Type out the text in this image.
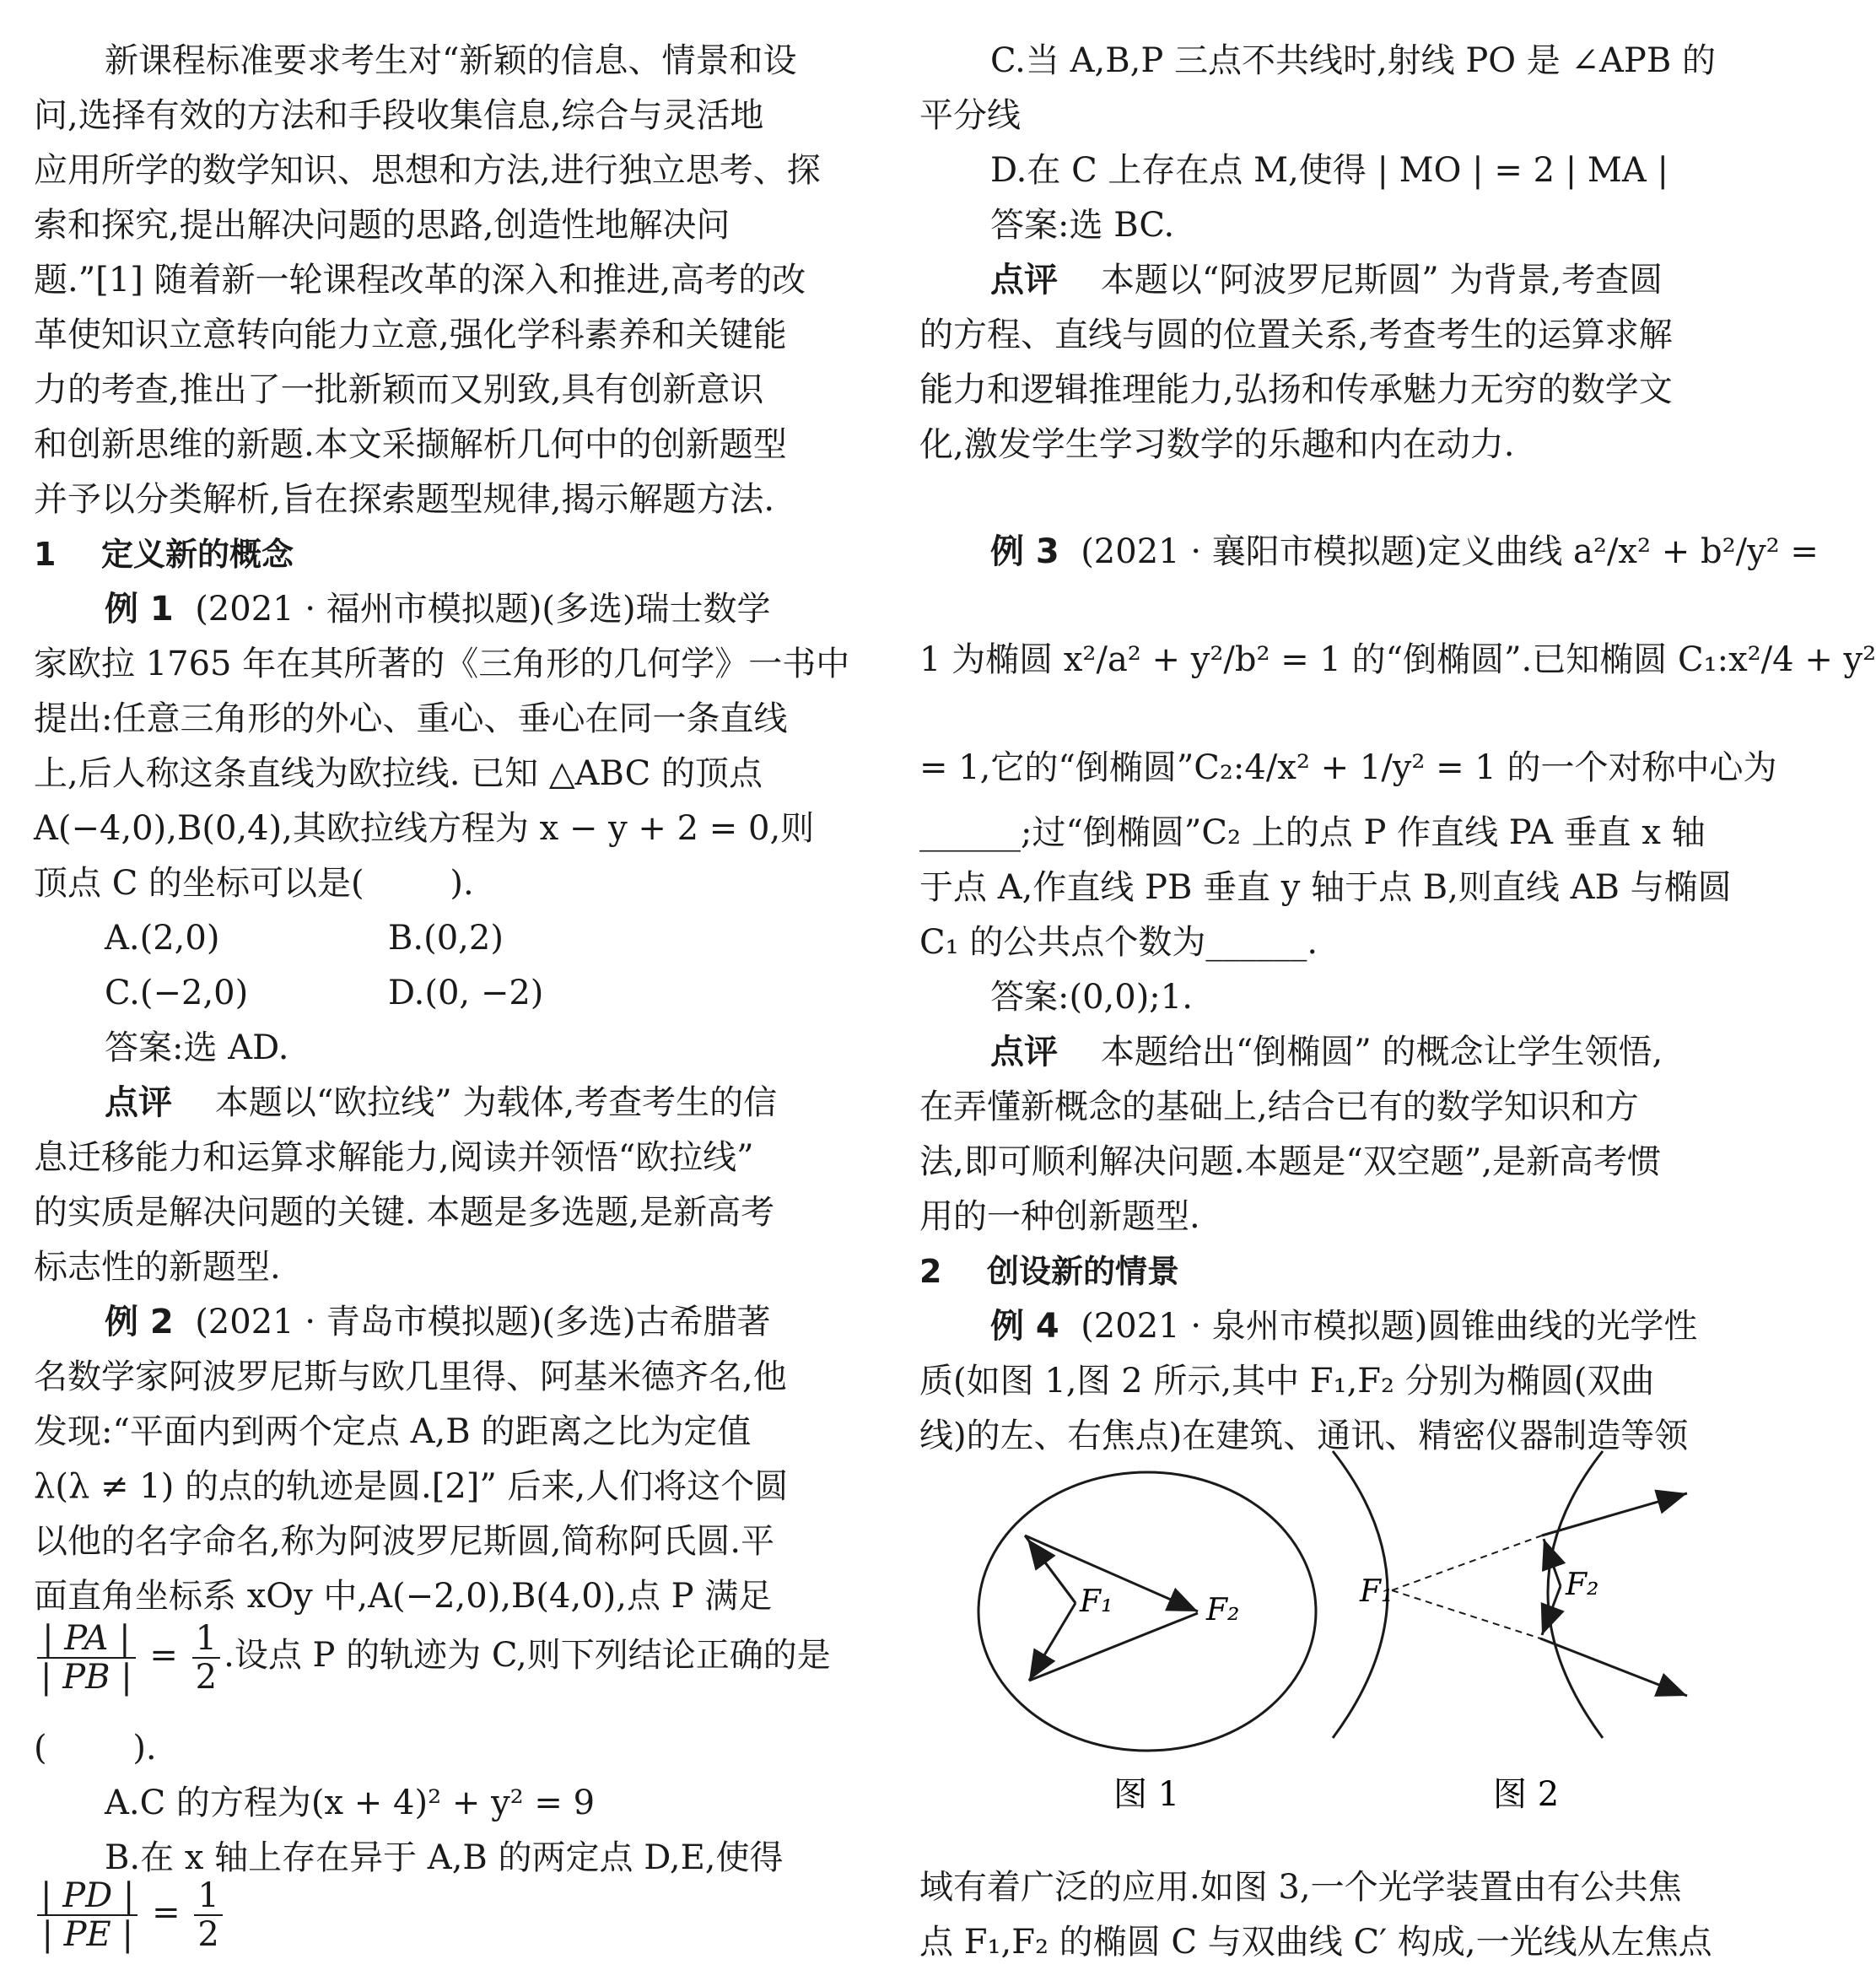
新课程标准要求考生对“新颖的信息、情景和设
问,选择有效的方法和手段收集信息,综合与灵活地
应用所学的数学知识、思想和方法,进行独立思考、探
索和探究,提出解决问题的思路,创造性地解决问
题.”[1] 随着新一轮课程改革的深入和推进,高考的改
革使知识立意转向能力立意,强化学科素养和关键能
力的考查,推出了一批新颖而又别致,具有创新意识
和创新思维的新题.本文采撷解析几何中的创新题型
并予以分类解析,旨在探索题型规律,揭示解题方法.
1 定义新的概念
例 1  (2021 · 福州市模拟题)(多选)瑞士数学
家欧拉 1765 年在其所著的《三角形的几何学》一书中
提出:任意三角形的外心、重心、垂心在同一条直线
上,后人称这条直线为欧拉线. 已知 △ABC 的顶点
A(−4,0),B(0,4),其欧拉线方程为 x − y + 2 = 0,则
顶点 C 的坐标可以是(        ).
A.(2,0)	B.(0,2)
C.(−2,0)	D.(0, −2)
答案:选 AD.
点评    本题以“欧拉线” 为载体,考查考生的信
息迁移能力和运算求解能力,阅读并领悟“欧拉线”
的实质是解决问题的关键. 本题是多选题,是新高考
标志性的新题型.
例 2  (2021 · 青岛市模拟题)(多选)古希腊著
名数学家阿波罗尼斯与欧几里得、阿基米德齐名,他
发现:“平面内到两个定点 A,B 的距离之比为定值
λ(λ ≠ 1) 的点的轨迹是圆.[2]” 后来,人们将这个圆
以他的名字命名,称为阿波罗尼斯圆,简称阿氏圆.平
面直角坐标系 xOy 中,A(−2,0),B(4,0),点 P 满足
$\frac{| PA |}{| PB |} = \frac{1}{2}$ .设点 P 的轨迹为 C,则下列结论正确的是
(        ).
A.C 的方程为(x + 4)² + y² = 9
B.在 x 轴上存在异于 A,B 的两定点 D,E,使得
$\frac{| PD |}{| PE |} = \frac{1}{2}$
C.当 A,B,P 三点不共线时,射线 PO 是 ∠APB 的
平分线
D.在 C 上存在点 M,使得 | MO | = 2 | MA |
答案:选 BC.
点评    本题以“阿波罗尼斯圆” 为背景,考查圆
的方程、直线与圆的位置关系,考查考生的运算求解
能力和逻辑推理能力,弘扬和传承魅力无穷的数学文
化,激发学生学习数学的乐趣和内在动力.
例 3  (2021 · 襄阳市模拟题)定义曲线 a²/x² + b²/y² =
1 为椭圆 x²/a² + y²/b² = 1 的“倒椭圆”.已知椭圆 C₁:x²/4 + y²
= 1,它的“倒椭圆”C₂:4/x² + 1/y² = 1 的一个对称中心为
______;过“倒椭圆”C₂ 上的点 P 作直线 PA 垂直 x 轴
于点 A,作直线 PB 垂直 y 轴于点 B,则直线 AB 与椭圆
C₁ 的公共点个数为______.
答案:(0,0);1.
点评    本题给出“倒椭圆” 的概念让学生领悟,
在弄懂新概念的基础上,结合已有的数学知识和方
法,即可顺利解决问题.本题是“双空题”,是新高考惯
用的一种创新题型.
2 创设新的情景
例 4  (2021 · 泉州市模拟题)圆锥曲线的光学性
质(如图 1,图 2 所示,其中 F₁,F₂ 分别为椭圆(双曲
线)的左、右焦点)在建筑、通讯、精密仪器制造等领
F₁	F₂
图 1
F₁	F₂
图 2
域有着广泛的应用.如图 3,一个光学装置由有公共焦
点 F₁,F₂ 的椭圆 C 与双曲线 C′ 构成,一光线从左焦点
